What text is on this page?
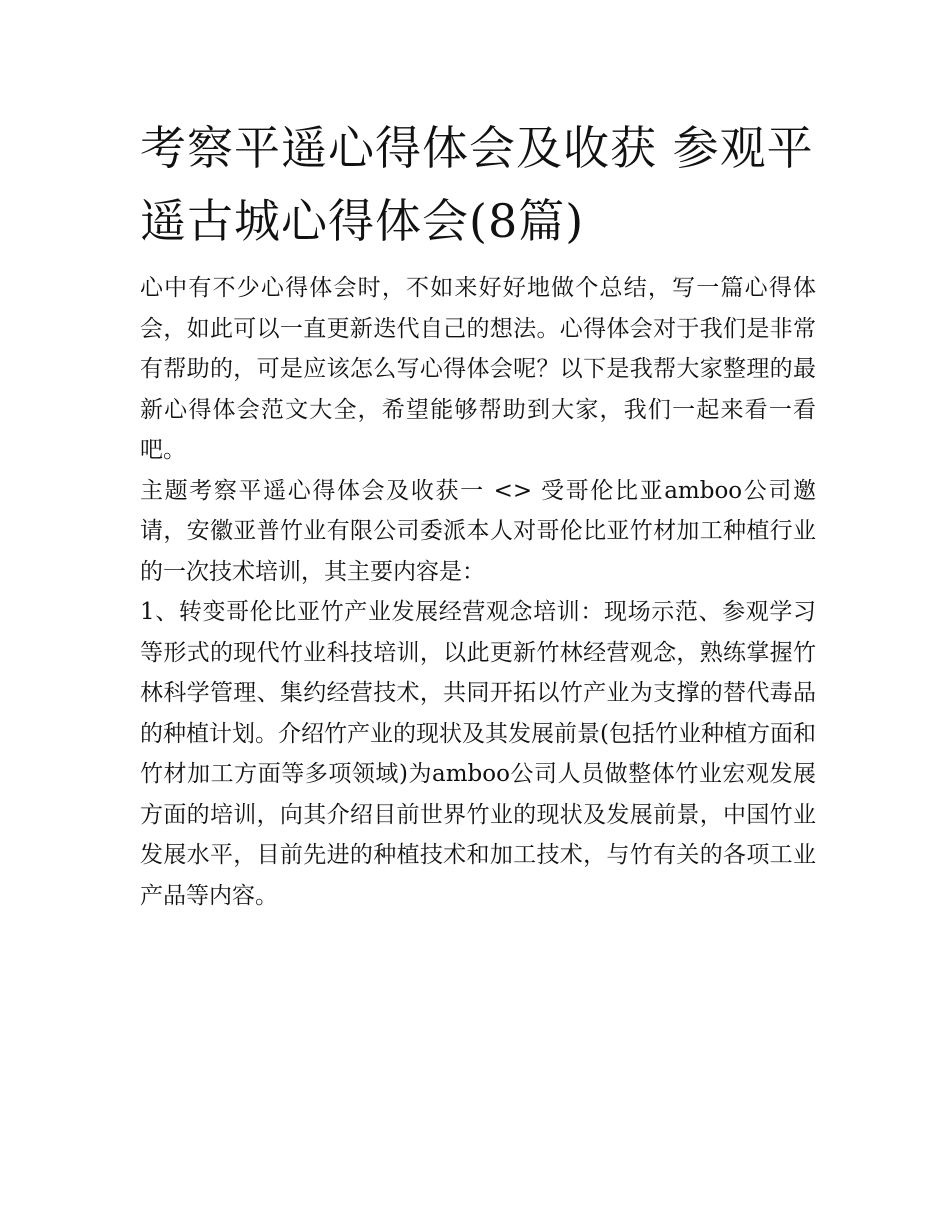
考察平遥心得体会及收获 参观平遥古城心得体会(8篇)

心中有不少心得体会时，不如来好好地做个总结，写一篇心得体会，如此可以一直更新迭代自己的想法。心得体会对于我们是非常有帮助的，可是应该怎么写心得体会呢？以下是我帮大家整理的最新心得体会范文大全，希望能够帮助到大家，我们一起来看一看吧。

主题考察平遥心得体会及收获一 <> 受哥伦比亚amboo公司邀请，安徽亚普竹业有限公司委派本人对哥伦比亚竹材加工种植行业的一次技术培训，其主要内容是：

1、转变哥伦比亚竹产业发展经营观念培训：现场示范、参观学习等形式的现代竹业科技培训，以此更新竹林经营观念，熟练掌握竹林科学管理、集约经营技术，共同开拓以竹产业为支撑的替代毒品的种植计划。介绍竹产业的现状及其发展前景(包括竹业种植方面和竹材加工方面等多项领域)为amboo公司人员做整体竹业宏观发展方面的培训，向其介绍目前世界竹业的现状及发展前景，中国竹业发展水平，目前先进的种植技术和加工技术，与竹有关的各项工业产品等内容。
